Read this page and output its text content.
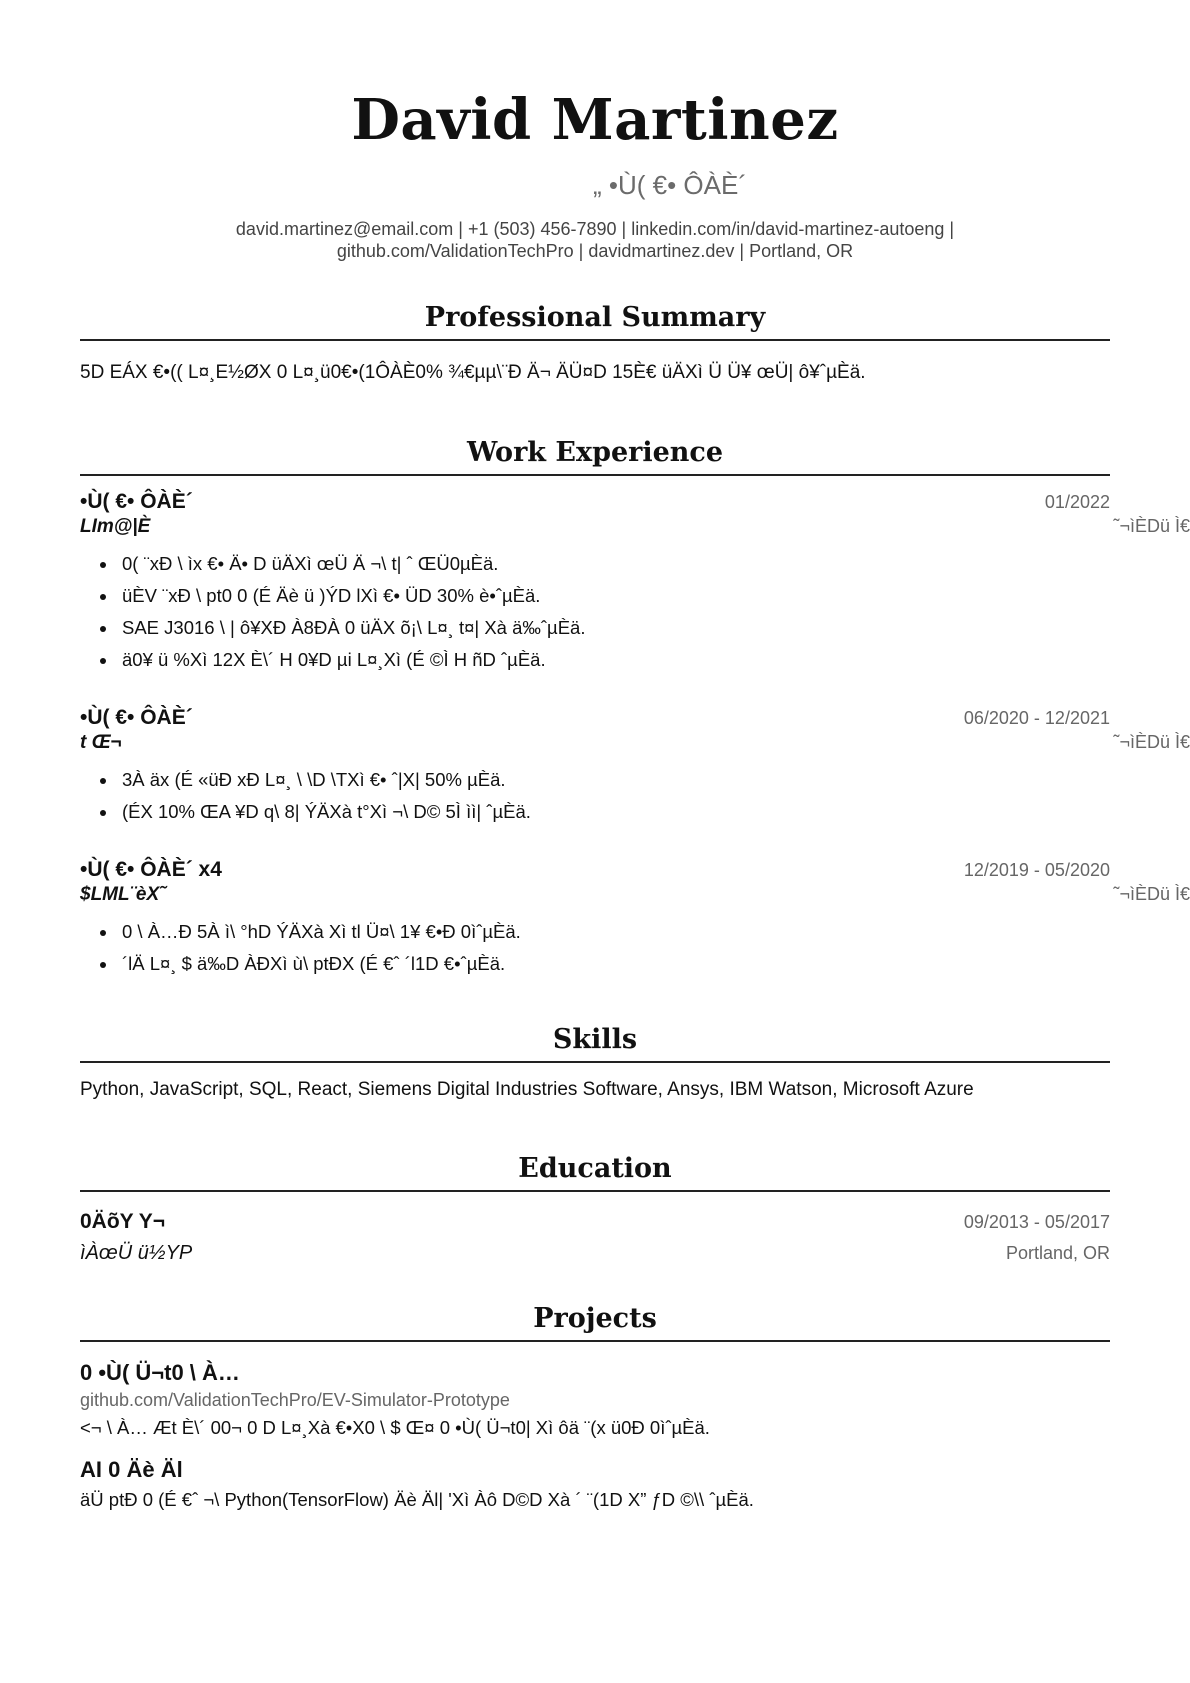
David Martinez
„ •Ù( €• ÔÀÈ´
david.martinez@email.com | +1 (503) 456-7890 | linkedin.com/in/david-martinez-autoeng |
github.com/ValidationTechPro | davidmartinez.dev | Portland, OR
Professional Summary
5D EÁX €•(( L¤¸E½ØX 0 L¤¸ü0€•(1ÔÀÈ0% ¾€µµ\¨Ð Ä¬ ÄÜ¤D 15È€ üÄXì Ü Ü¥ œÜ| ô¥ˆµÈä.
Work Experience
•Ù( €• ÔÀÈ´	01/2022
LIm@|È	˜¬ìÈDü Ì€
• 0( ¨xÐ \ ìx €• Ä• D üÄXì œÜ Ä ¬\ t| ˆ ŒÜ0µÈä.
• üÈV ¨xÐ \ pt0 0 (É Äè ü )ÝD lXì €• ÜD 30% è•ˆµÈä.
• SAE J3016 \ | ô¥XÐ À8ÐÀ 0 üÄX õ¡\ L¤¸ t¤| Xà ä‰ˆµÈä.
• ä0¥ ü %Xì 12X È\´ H 0¥D µi L¤¸Xì (É ©Ì H ñD ˆµÈä.
•Ù( €• ÔÀÈ´	06/2020 - 12/2021
t Œ¬	˜¬ìÈDü Ì€
• 3À äx (É «üÐ xÐ L¤¸ \ \D \TXì €• ˆ|X| 50% µÈä.
• (ÉX 10% ŒA ¥D q\ 8| ÝÄXà t°Xì ¬\ D© 5Ì ìì| ˆµÈä.
•Ù( €• ÔÀÈ´ x4	12/2019 - 05/2020
$LML¨èX˜	˜¬ìÈDü Ì€
• 0 \ À…Ð 5À ì\ °hD ÝÄXà Xì tl Ü¤\ 1¥ €•Ð 0ìˆµÈä.
• ´lÄ L¤¸ $ ä‰D ÀÐXì ù\ ptÐX (É €ˆ ´l1D €•ˆµÈä.
Skills
Python, JavaScript, SQL, React, Siemens Digital Industries Software, Ansys, IBM Watson, Microsoft Azure
Education
0ÄõY Y¬	09/2013 - 05/2017
ìÀœÜ ü½YP	Portland, OR
Projects
0 •Ù( Ü¬t0 \ À…
github.com/ValidationTechPro/EV-Simulator-Prototype
<¬ \ À… Æt È\´ 00¬ 0 D L¤¸Xà €•X0 \ $ Œ¤ 0 •Ù( Ü¬t0| Xì ôä ¨(x ü0Ð 0ìˆµÈä.
AI 0 Äè Äl
äÜ ptÐ 0 (É €ˆ ¬\ Python(TensorFlow) Äè Äl| 'Xì Àô D©D Xà ´ ¨(1D X” ƒD ©\\ ˆµÈä.
